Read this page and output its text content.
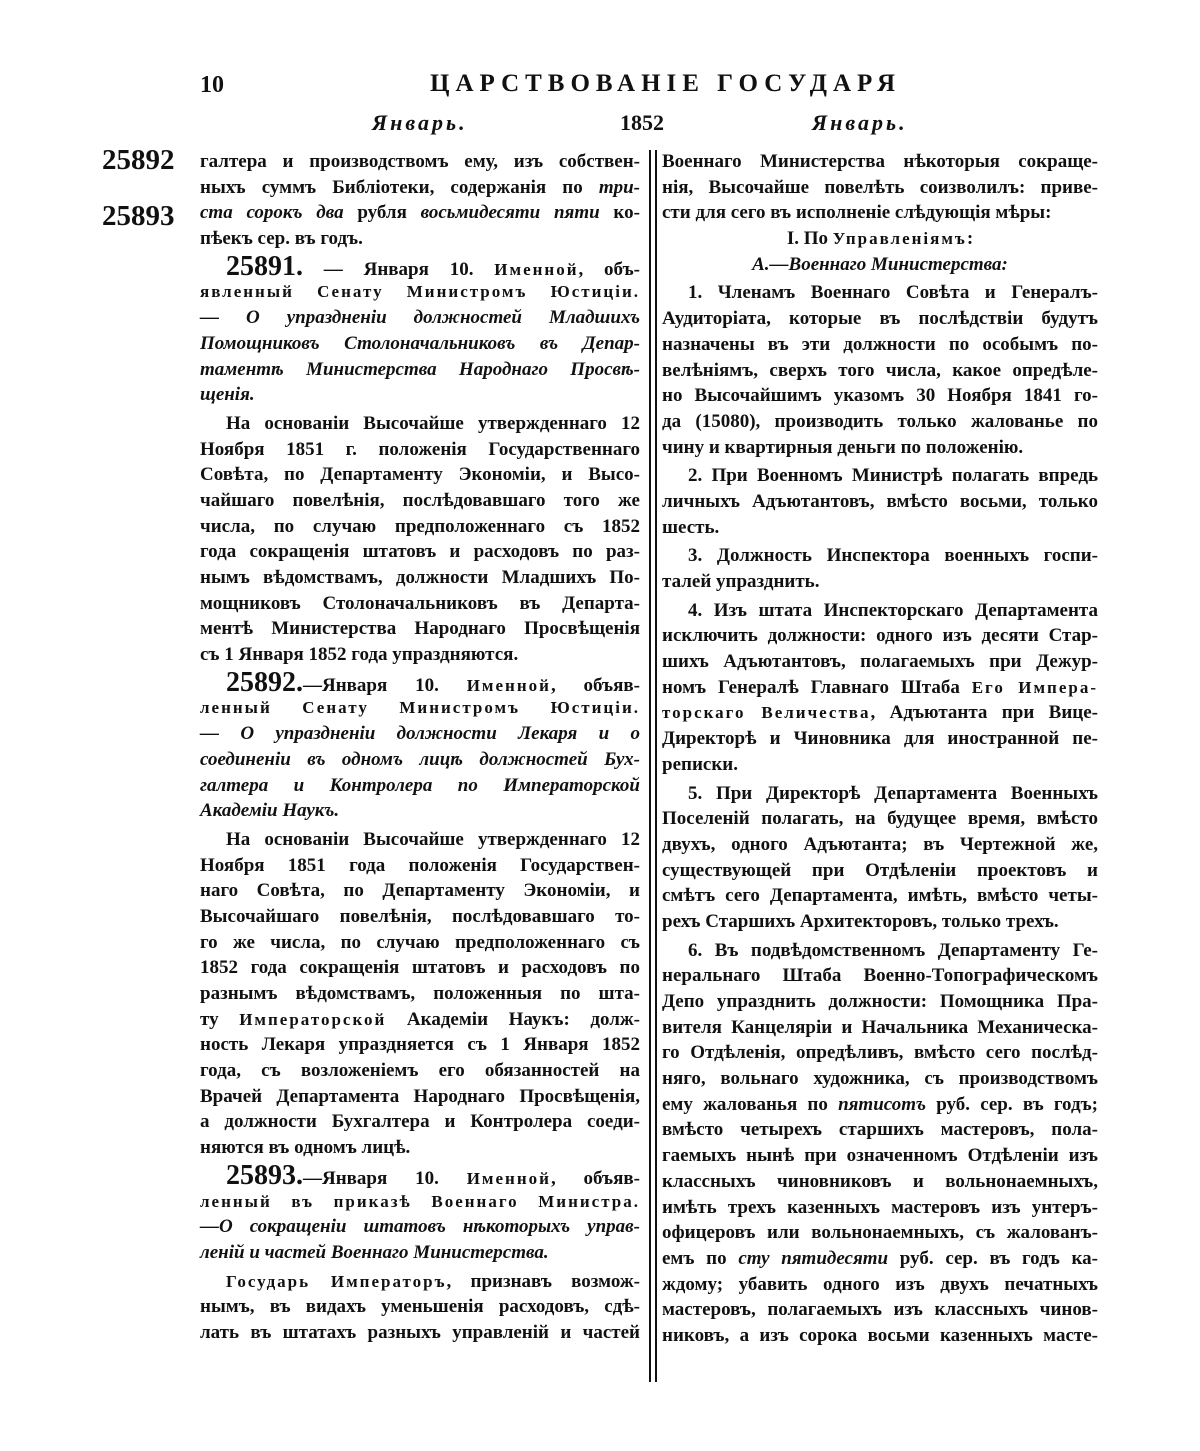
10	ЦАРСТВОВАНІЕ ГОСУДАРЯ
Январь.	1852	Январь.
25892
25893
галтера и производствомъ ему, изъ собствен-
ныхъ суммъ Библіотеки, содержанія по три-
ста сорокъ два рубля восьмидесяти пяти ко-
пѣекъ сер. въ годъ.
25891. — Января 10. Именной, объ-
явленный Сенату Министромъ Юстиціи.
— О упраздненіи должностей Младшихъ
Помощниковъ Столоначальниковъ въ Депар-
таментѣ Министерства Народнаго Просвѣ-
щенія.
На основаніи Высочайше утвержденнаго 12
Ноября 1851 г. положенія Государственнаго
Совѣта, по Департаменту Экономіи, и Высо-
чайшаго повелѣнія, послѣдовавшаго того же
числа, по случаю предположеннаго съ 1852
года сокращенія штатовъ и расходовъ по раз-
нымъ вѣдомствамъ, должности Младшихъ По-
мощниковъ Столоначальниковъ въ Департа-
ментѣ Министерства Народнаго Просвѣщенія
съ 1 Января 1852 года упраздняются.
25892.—Января 10. Именной, объяв-
ленный Сенату Министромъ Юстиціи.
— О упраздненіи должности Лекаря и о
соединеніи въ одномъ лицѣ должностей Бух-
галтера и Контролера по Императорской
Академіи Наукъ.
На основаніи Высочайше утвержденнаго 12
Ноября 1851 года положенія Государствен-
наго Совѣта, по Департаменту Экономіи, и
Высочайшаго повелѣнія, послѣдовавшаго то-
го же числа, по случаю предположеннаго съ
1852 года сокращенія штатовъ и расходовъ по
разнымъ вѣдомствамъ, положенныя по шта-
ту Императорской Академіи Наукъ: долж-
ность Лекаря упраздняется съ 1 Января 1852
года, съ возложеніемъ его обязанностей на
Врачей Департамента Народнаго Просвѣщенія,
а должности Бухгалтера и Контролера соеди-
няются въ одномъ лицѣ.
25893.—Января 10. Именной, объяв-
ленный въ приказѣ Военнаго Министра.
—О сокращеніи штатовъ нѣкоторыхъ управ-
леній и частей Военнаго Министерства.
Государь Императоръ, признавъ возмож-
нымъ, въ видахъ уменьшенія расходовъ, сдѣ-
лать въ штатахъ разныхъ управленій и частей
Военнаго Министерства нѣкоторыя сокраще-
нія, Высочайше повелѣть соизволилъ: приве-
сти для сего въ исполненіе слѣдующія мѣры:
I. По Управленіямъ:
А.—Военнаго Министерства:
1. Членамъ Военнаго Совѣта и Генералъ-
Аудиторіата, которые въ послѣдствіи будутъ
назначены въ эти должности по особымъ по-
велѣніямъ, сверхъ того числа, какое опредѣле-
но Высочайшимъ указомъ 30 Ноября 1841 го-
да (15080), производить только жалованье по
чину и квартирныя деньги по положенію.
2. При Военномъ Министрѣ полагать впредь
личныхъ Адъютантовъ, вмѣсто восьми, только
шесть.
3. Должность Инспектора военныхъ госпи-
талей упразднить.
4. Изъ штата Инспекторскаго Департамента
исключить должности: одного изъ десяти Стар-
шихъ Адъютантовъ, полагаемыхъ при Дежур-
номъ Генералѣ Главнаго Штаба Его Импера-
торскаго Величества, Адъютанта при Вице-
Директорѣ и Чиновника для иностранной пе-
реписки.
5. При Директорѣ Департамента Военныхъ
Поселеній полагать, на будущее время, вмѣсто
двухъ, одного Адъютанта; въ Чертежной же,
существующей при Отдѣленіи проектовъ и
смѣтъ сего Департамента, имѣть, вмѣсто четы-
рехъ Старшихъ Архитекторовъ, только трехъ.
6. Въ подвѣдомственномъ Департаменту Ге-
неральнаго Штаба Военно-Топографическомъ
Депо упразднить должности: Помощника Пра-
вителя Канцеляріи и Начальника Механическа-
го Отдѣленія, опредѣливъ, вмѣсто сего послѣд-
няго, вольнаго художника, съ производствомъ
ему жалованья по пятисотъ руб. сер. въ годъ;
вмѣсто четырехъ старшихъ мастеровъ, пола-
гаемыхъ нынѣ при означенномъ Отдѣленіи изъ
классныхъ чиновниковъ и вольнонаемныхъ,
имѣть трехъ казенныхъ мастеровъ изъ унтеръ-
офицеровъ или вольнонаемныхъ, съ жалованъ-
емъ по сту пятидесяти руб. сер. въ годъ ка-
ждому; убавить одного изъ двухъ печатныхъ
мастеровъ, полагаемыхъ изъ классныхъ чинов-
никовъ, а изъ сорока восьми казенныхъ масте-
